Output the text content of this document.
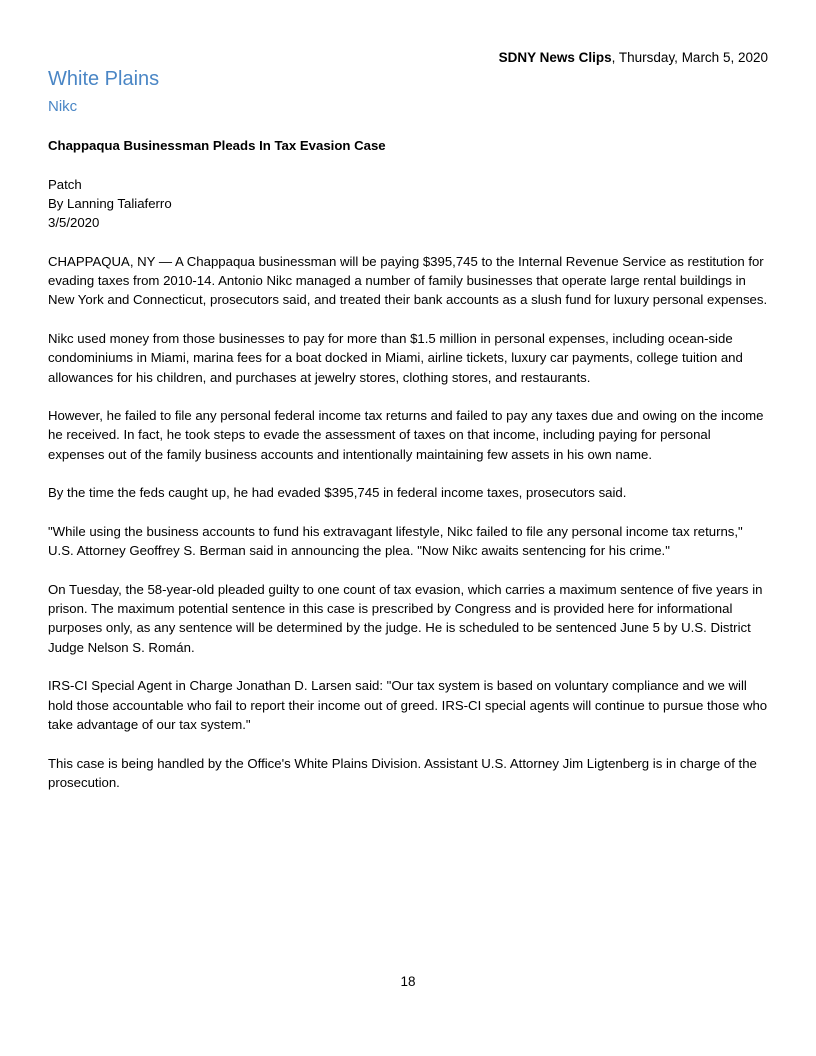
SDNY News Clips, Thursday, March 5, 2020
White Plains
Nikc
Chappaqua Businessman Pleads In Tax Evasion Case
Patch
By Lanning Taliaferro
3/5/2020

CHAPPAQUA, NY — A Chappaqua businessman will be paying $395,745 to the Internal Revenue Service as restitution for evading taxes from 2010-14. Antonio Nikc managed a number of family businesses that operate large rental buildings in New York and Connecticut, prosecutors said, and treated their bank accounts as a slush fund for luxury personal expenses.

Nikc used money from those businesses to pay for more than $1.5 million in personal expenses, including ocean-side condominiums in Miami, marina fees for a boat docked in Miami, airline tickets, luxury car payments, college tuition and allowances for his children, and purchases at jewelry stores, clothing stores, and restaurants.

However, he failed to file any personal federal income tax returns and failed to pay any taxes due and owing on the income he received. In fact, he took steps to evade the assessment of taxes on that income, including paying for personal expenses out of the family business accounts and intentionally maintaining few assets in his own name.

By the time the feds caught up, he had evaded $395,745 in federal income taxes, prosecutors said.

"While using the business accounts to fund his extravagant lifestyle, Nikc failed to file any personal income tax returns," U.S. Attorney Geoffrey S. Berman said in announcing the plea. "Now Nikc awaits sentencing for his crime."

On Tuesday, the 58-year-old pleaded guilty to one count of tax evasion, which carries a maximum sentence of five years in prison. The maximum potential sentence in this case is prescribed by Congress and is provided here for informational purposes only, as any sentence will be determined by the judge. He is scheduled to be sentenced June 5 by U.S. District Judge Nelson S. Román.

IRS-CI Special Agent in Charge Jonathan D. Larsen said: "Our tax system is based on voluntary compliance and we will hold those accountable who fail to report their income out of greed. IRS-CI special agents will continue to pursue those who take advantage of our tax system."

This case is being handled by the Office's White Plains Division. Assistant U.S. Attorney Jim Ligtenberg is in charge of the prosecution.

18
